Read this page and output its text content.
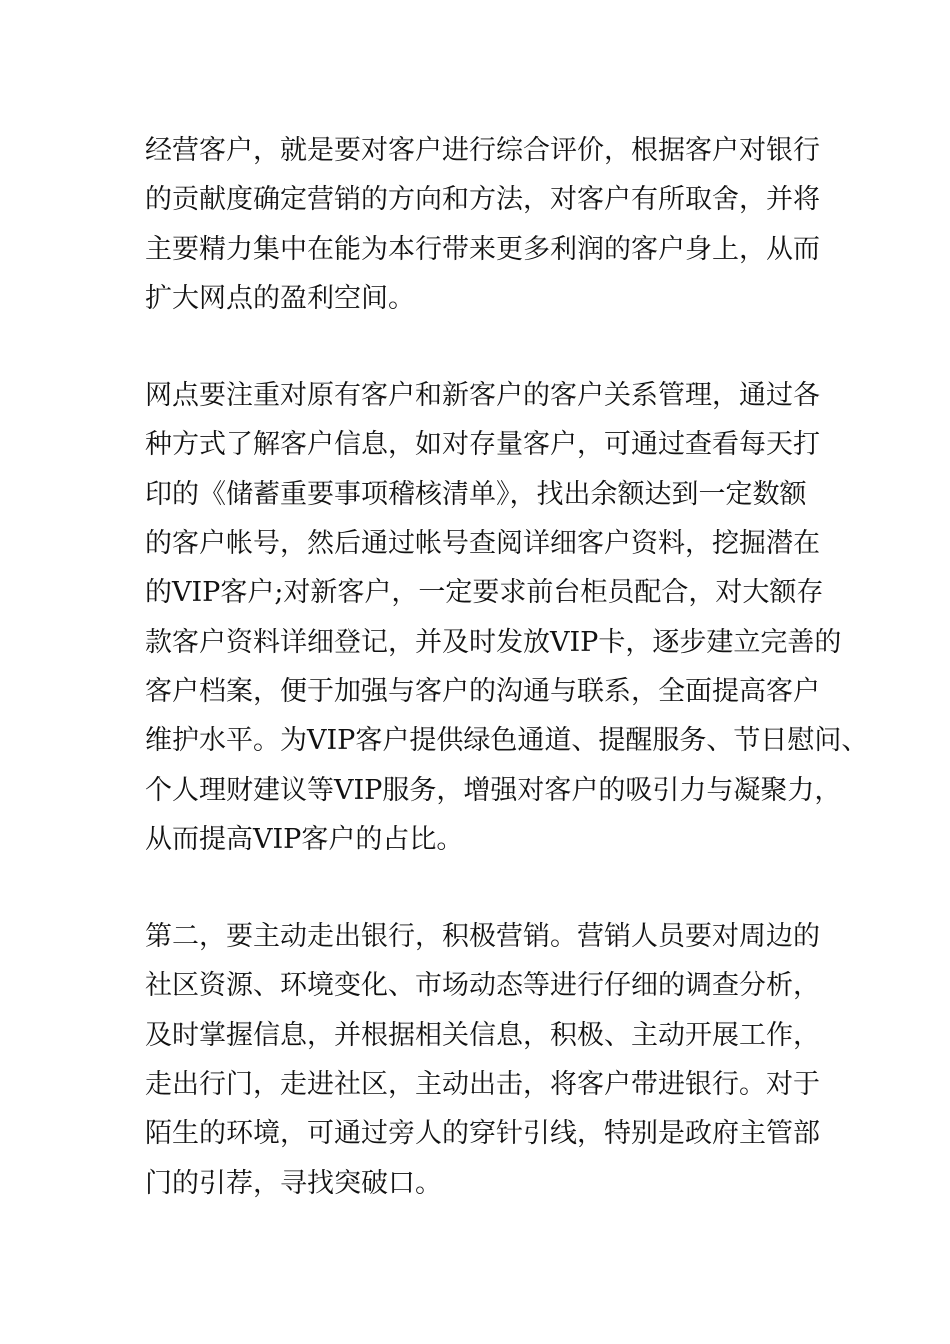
经营客户，就是要对客户进行综合评价，根据客户对银行
的贡献度确定营销的方向和方法，对客户有所取舍，并将
主要精力集中在能为本行带来更多利润的客户身上，从而
扩大网点的盈利空间。
网点要注重对原有客户和新客户的客户关系管理，通过各
种方式了解客户信息，如对存量客户，可通过查看每天打
印的《储蓄重要事项稽核清单》，找出余额达到一定数额
的客户帐号，然后通过帐号查阅详细客户资料，挖掘潜在
的VIP客户;对新客户，一定要求前台柜员配合，对大额存
款客户资料详细登记，并及时发放VIP卡，逐步建立完善的
客户档案，便于加强与客户的沟通与联系，全面提高客户
维护水平。为VIP客户提供绿色通道、提醒服务、节日慰问、
个人理财建议等VIP服务，增强对客户的吸引力与凝聚力，
从而提高VIP客户的占比。
第二，要主动走出银行，积极营销。营销人员要对周边的
社区资源、环境变化、市场动态等进行仔细的调查分析，
及时掌握信息，并根据相关信息，积极、主动开展工作，
走出行门，走进社区，主动出击，将客户带进银行。对于
陌生的环境，可通过旁人的穿针引线，特别是政府主管部
门的引荐，寻找突破口。
